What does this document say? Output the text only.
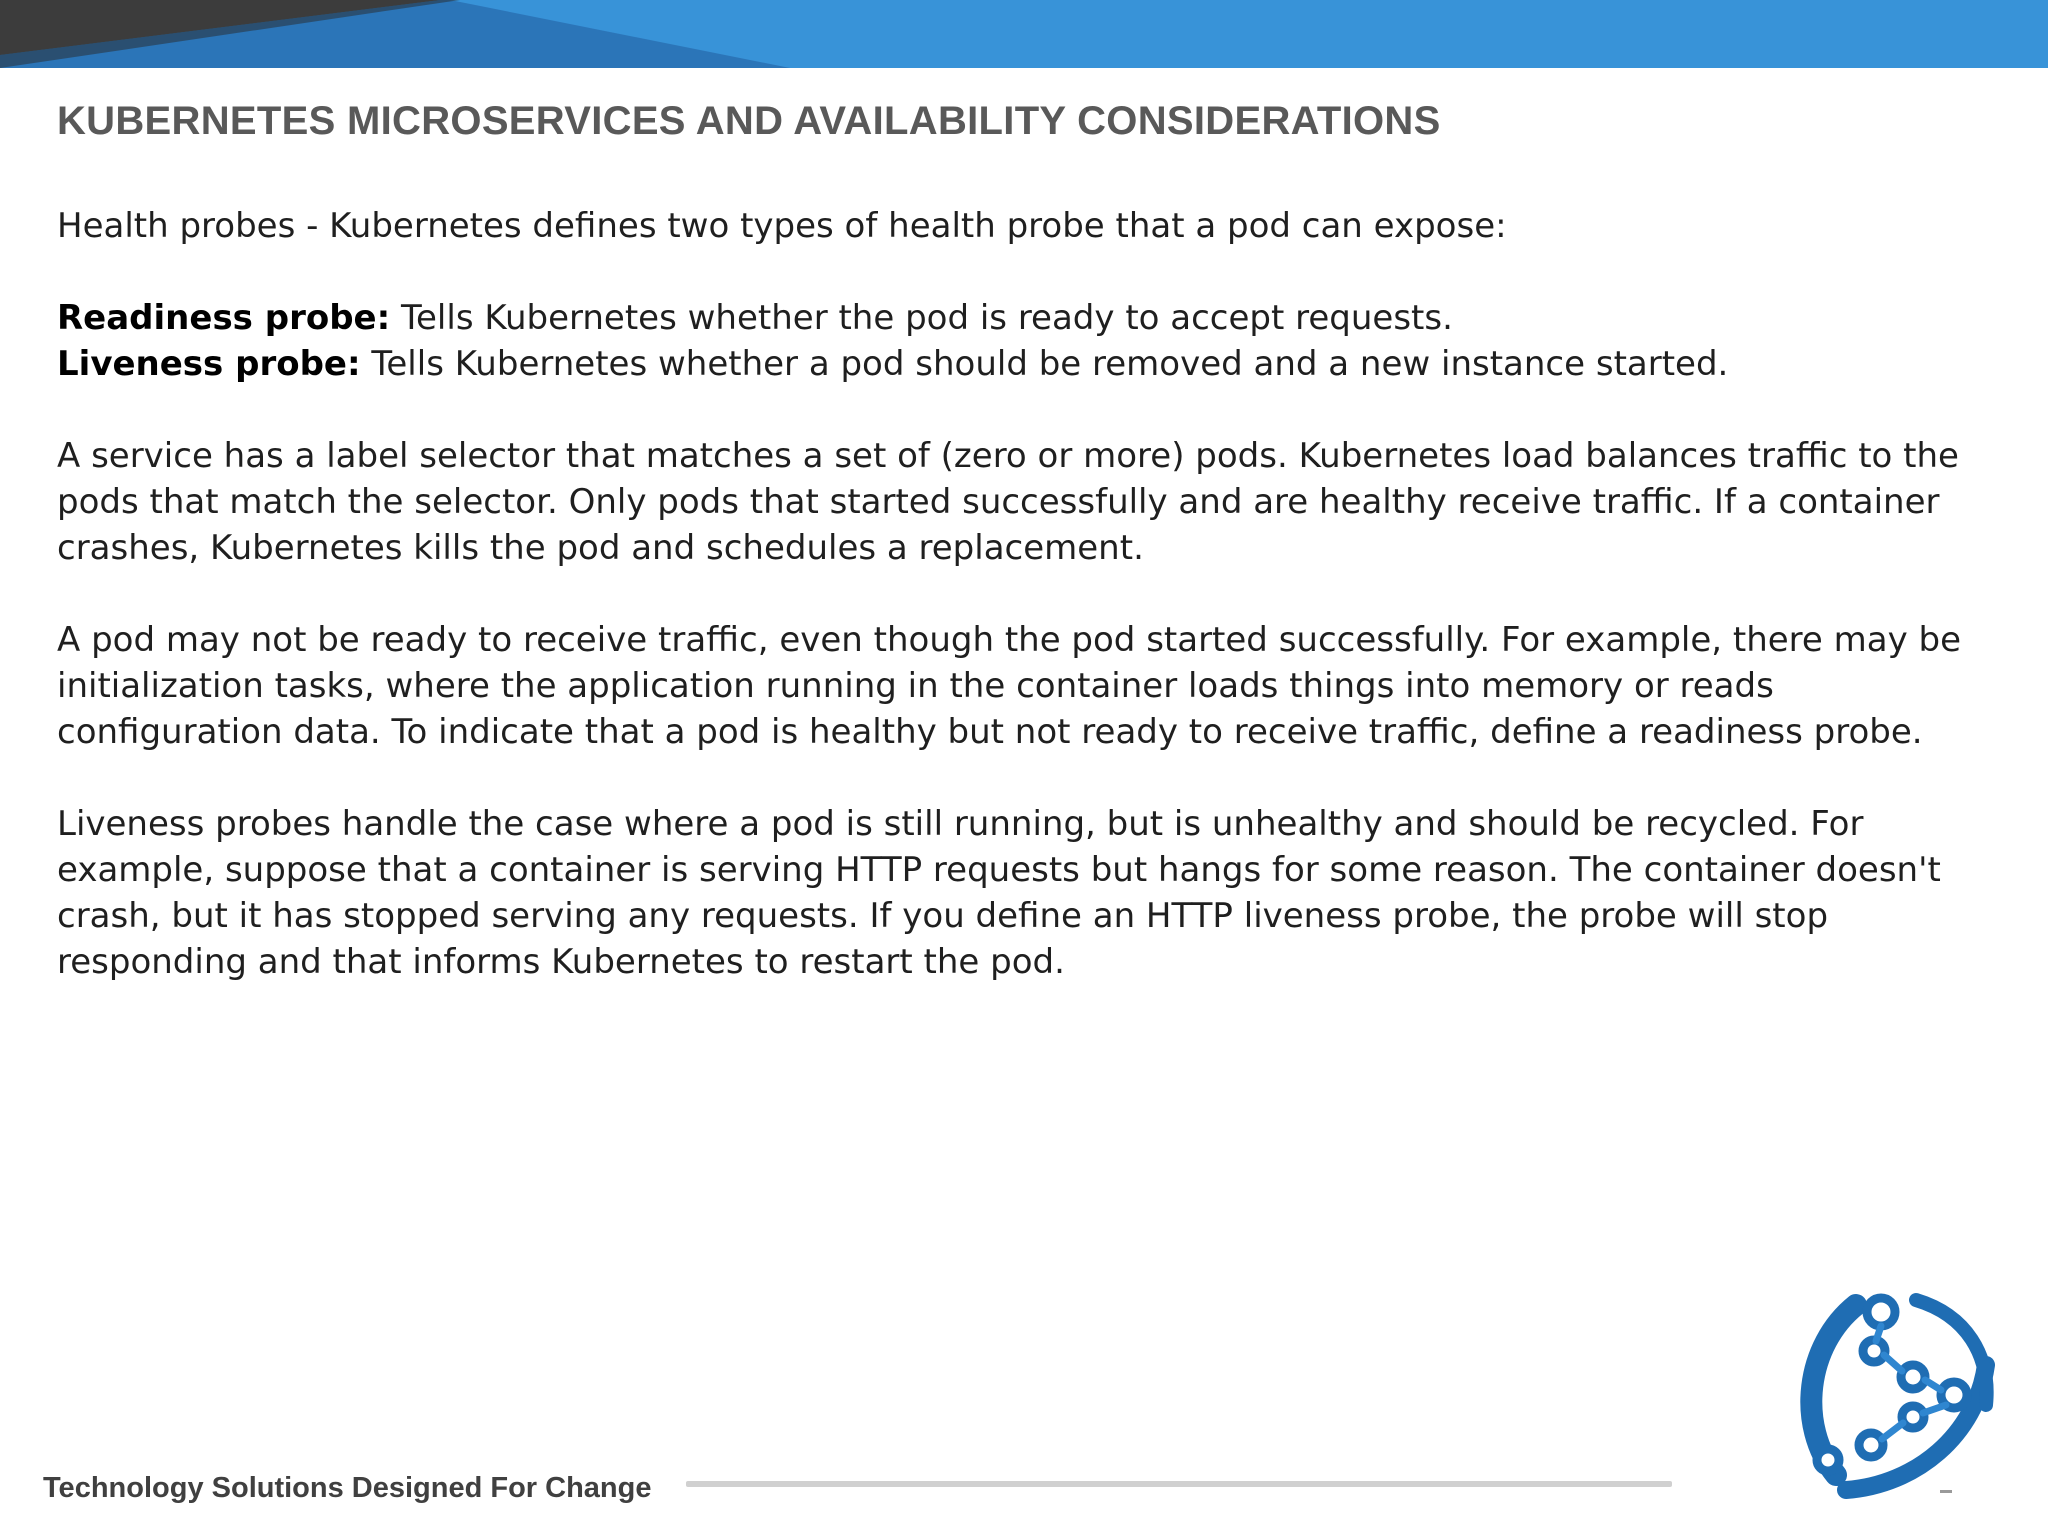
KUBERNETES MICROSERVICES AND AVAILABILITY CONSIDERATIONS

Health probes - Kubernetes defines two types of health probe that a pod can expose:

Readiness probe: Tells Kubernetes whether the pod is ready to accept requests.

Liveness probe: Tells Kubernetes whether a pod should be removed and a new instance started.

A service has a label selector that matches a set of (zero or more) pods. Kubernetes load balances traffic to the pods that match the selector. Only pods that started successfully and are healthy receive traffic. If a container crashes, Kubernetes kills the pod and schedules a replacement.

A pod may not be ready to receive traffic, even though the pod started successfully. For example, there may be initialization tasks, where the application running in the container loads things into memory or reads configuration data. To indicate that a pod is healthy but not ready to receive traffic, define a readiness probe.

Liveness probes handle the case where a pod is still running, but is unhealthy and should be recycled. For example, suppose that a container is serving HTTP requests but hangs for some reason. The container doesn't crash, but it has stopped serving any requests. If you define an HTTP liveness probe, the probe will stop responding and that informs Kubernetes to restart the pod.

Technology Solutions Designed For Change
